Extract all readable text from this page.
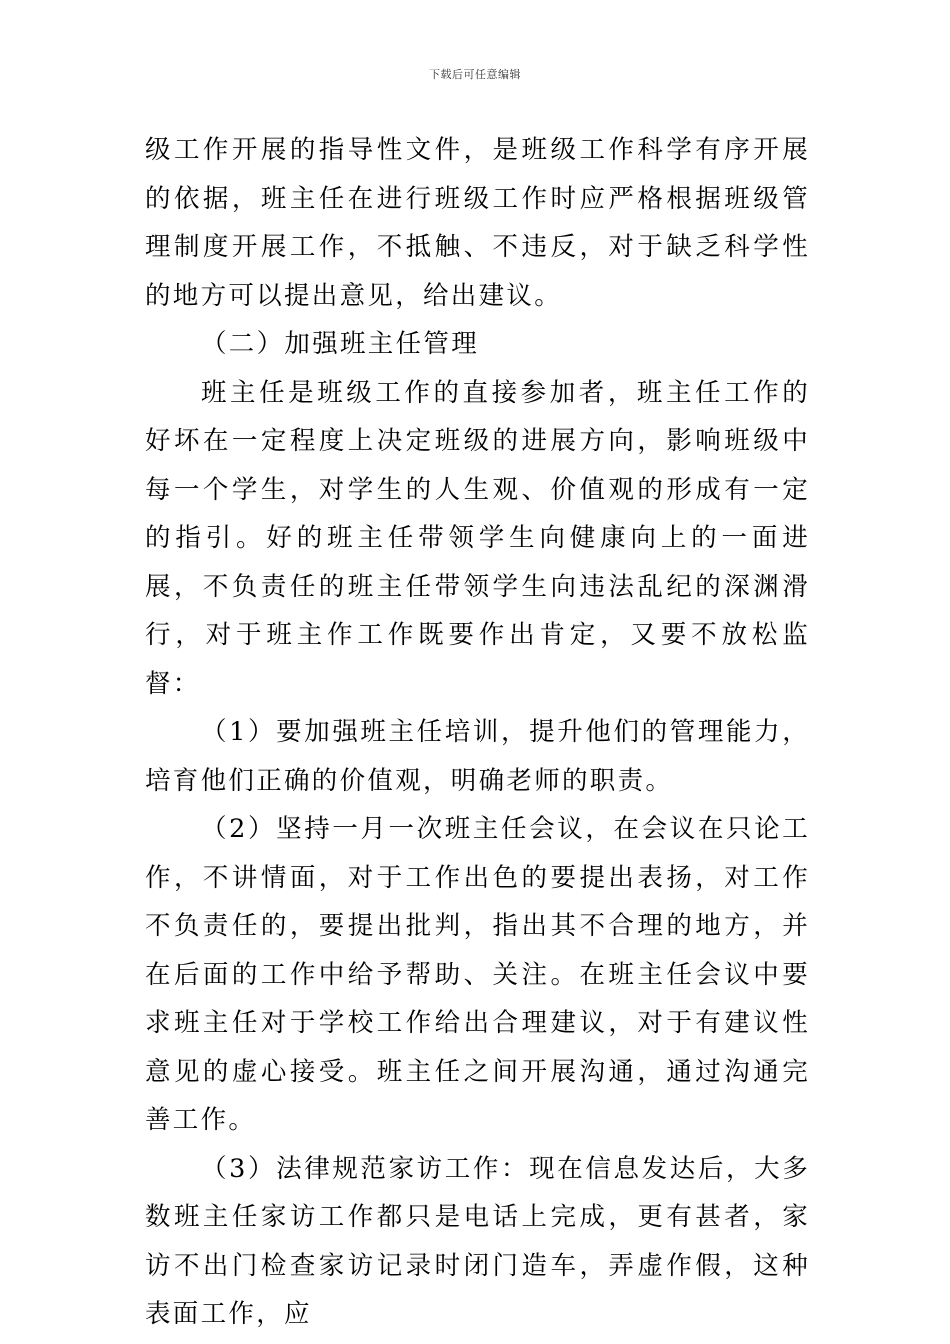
下载后可任意编辑

级工作开展的指导性文件，是班级工作科学有序开展的依据，班主任在进行班级工作时应严格根据班级管理制度开展工作，不抵触、不违反，对于缺乏科学性的地方可以提出意见，给出建议。

（二）加强班主任管理

班主任是班级工作的直接参加者，班主任工作的好坏在一定程度上决定班级的进展方向，影响班级中每一个学生，对学生的人生观、价值观的形成有一定的指引。好的班主任带领学生向健康向上的一面进展，不负责任的班主任带领学生向违法乱纪的深渊滑行，对于班主作工作既要作出肯定，又要不放松监督：

（1）要加强班主任培训，提升他们的管理能力，培育他们正确的价值观，明确老师的职责。

（2）坚持一月一次班主任会议，在会议在只论工作，不讲情面，对于工作出色的要提出表扬，对工作不负责任的，要提出批判，指出其不合理的地方，并在后面的工作中给予帮助、关注。在班主任会议中要求班主任对于学校工作给出合理建议，对于有建议性意见的虚心接受。班主任之间开展沟通，通过沟通完善工作。

（3）法律规范家访工作：现在信息发达后，大多数班主任家访工作都只是电话上完成，更有甚者，家访不出门检查家访记录时闭门造车，弄虚作假，这种表面工作，应
